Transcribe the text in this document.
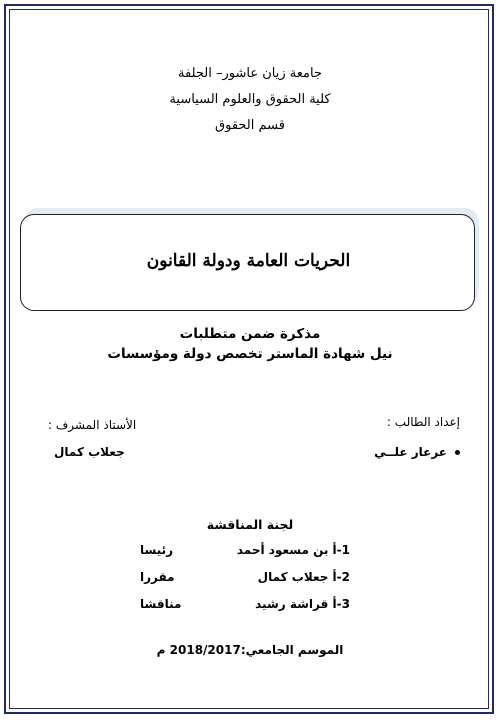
جامعة زيان عاشور– الجلفة
كلية الحقوق والعلوم السياسية
قسم الحقوق
الحريات العامة ودولة القانون
مذكرة ضمن متطلبات
نيل شهادة الماستر تخصص دولة ومؤسسات
إعداد الطالب :
عرعار علــي
الأستاذ المشرف :
جعلاب كمال
لجنة المناقشة
1-أ بن مسعود أحمد
رئيسا
2-أ جعلاب كمال
مقررا
3-أ قراشة رشيد
مناقشا
الموسم الجامعي:2018/2017 م
